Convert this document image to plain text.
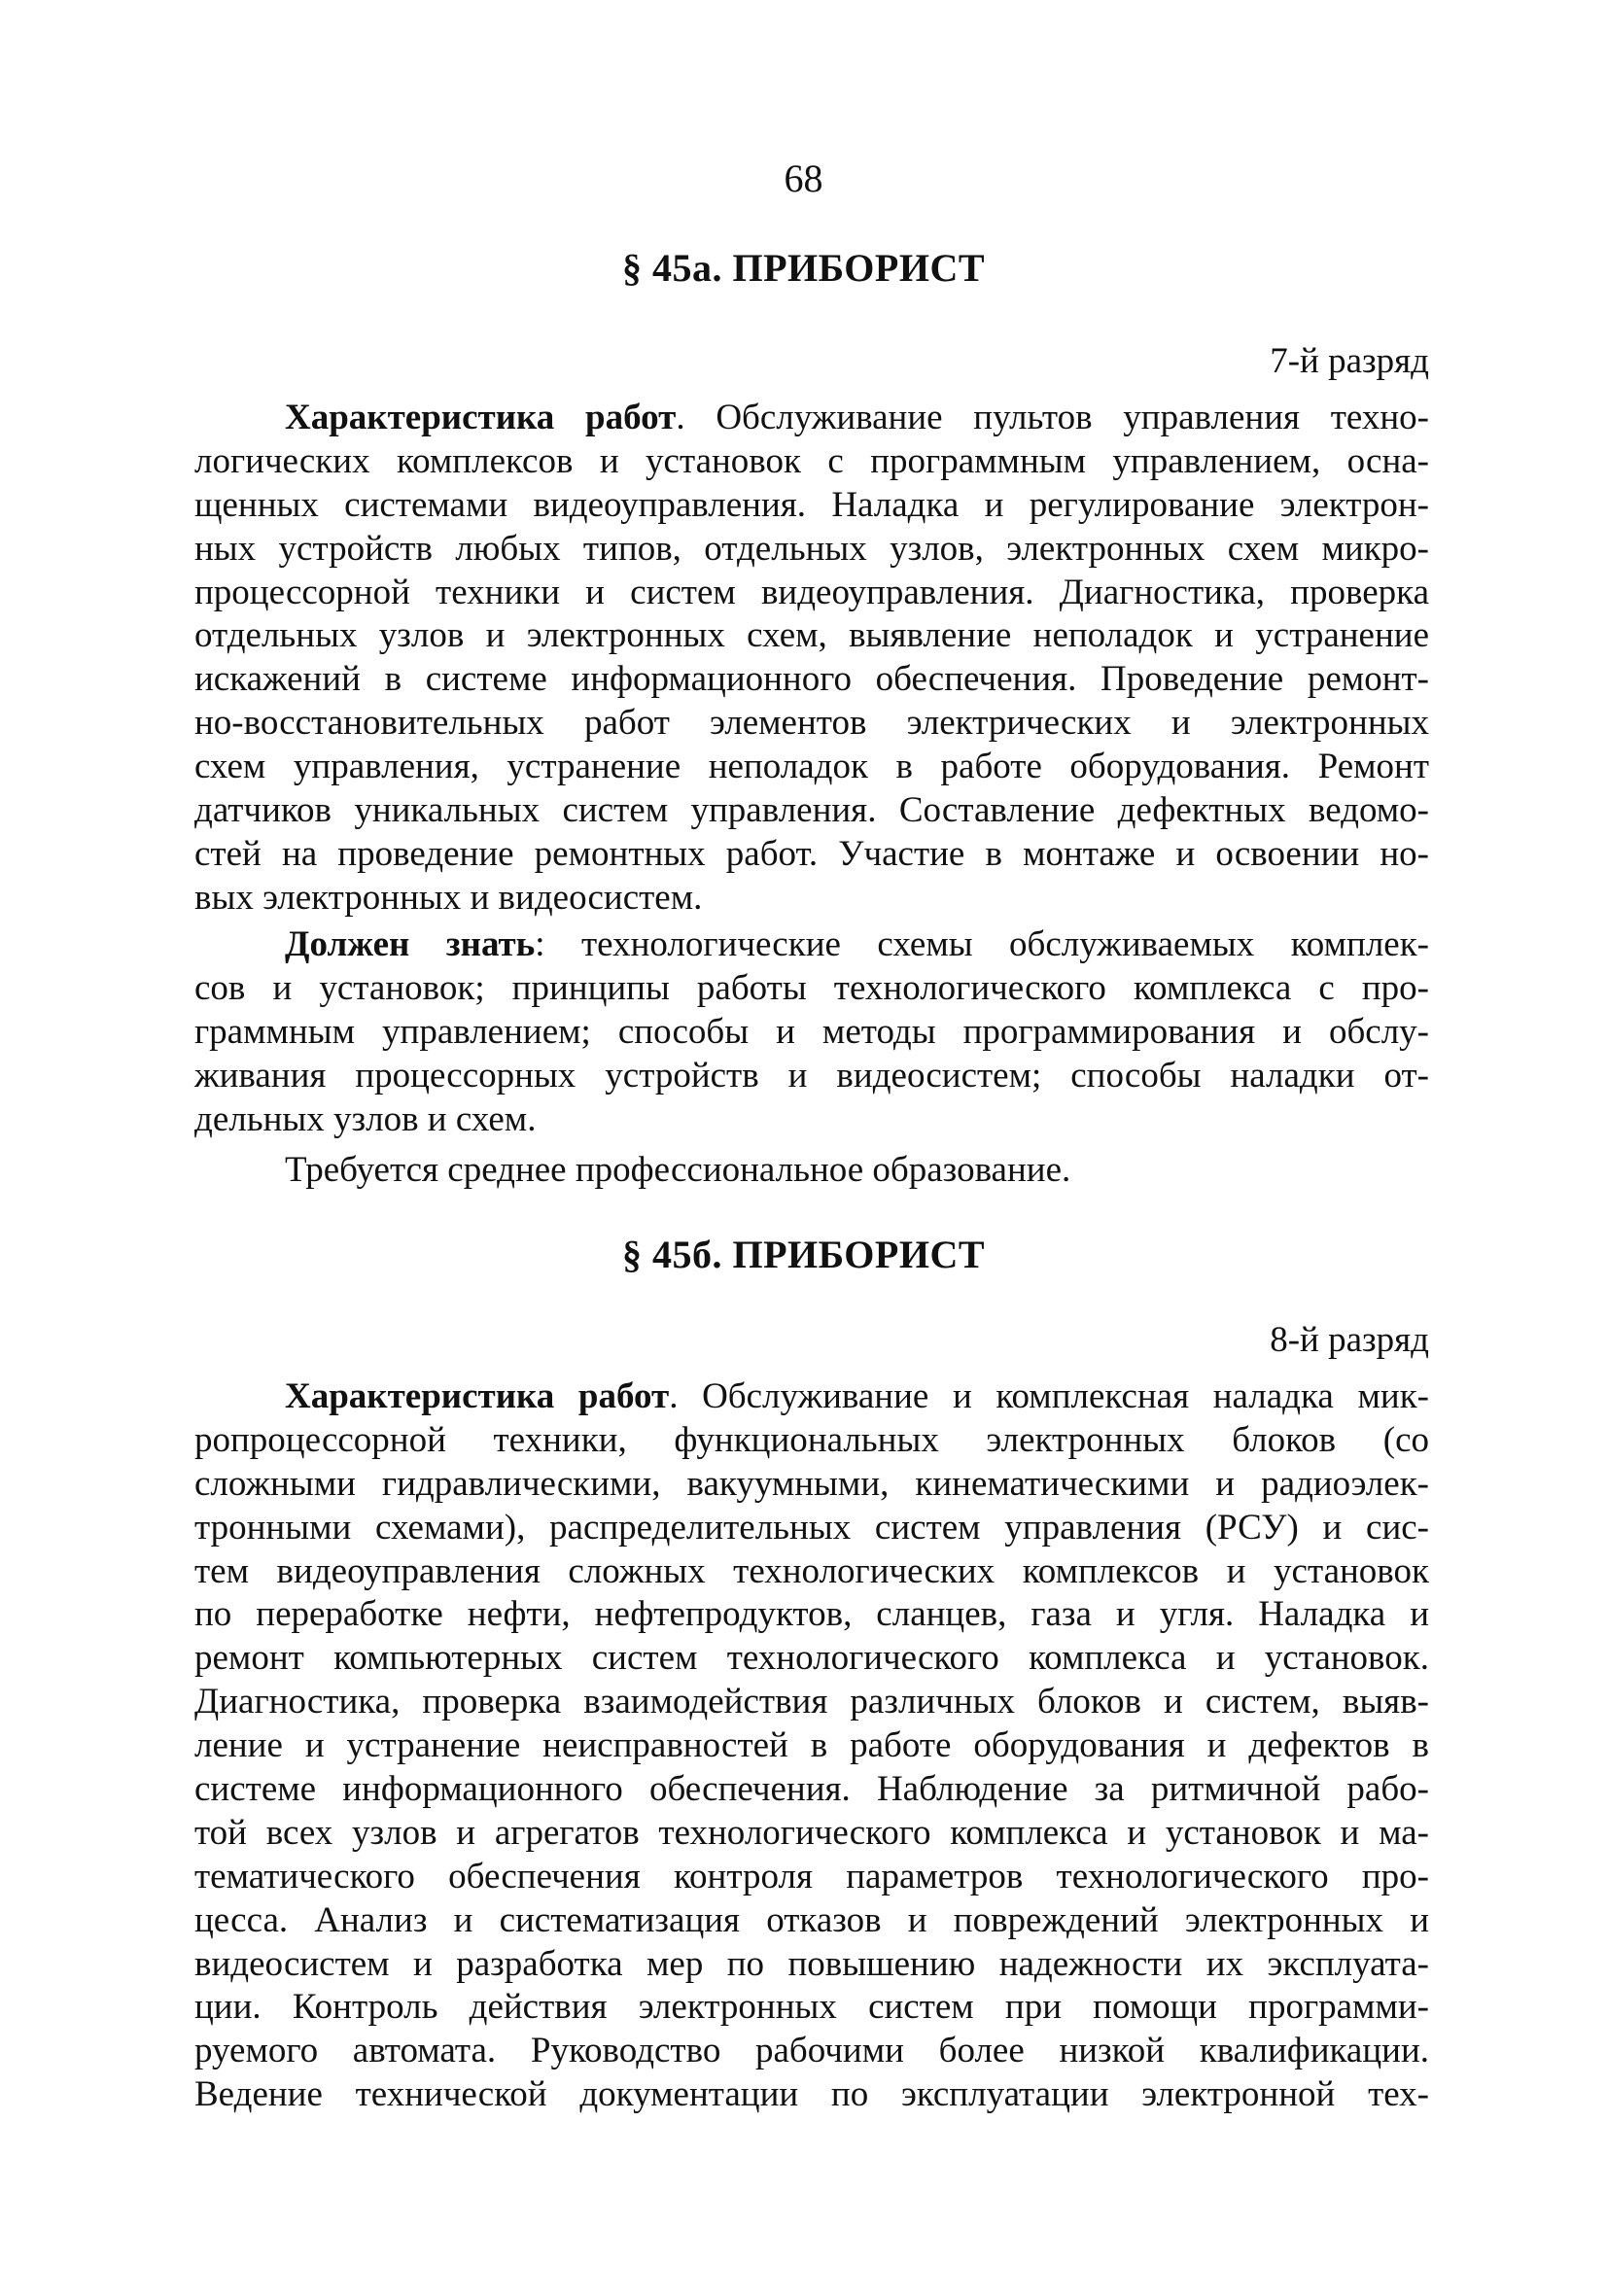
68
§ 45а. ПРИБОРИСТ
7-й разряд
Характеристика работ. Обслуживание пультов управления техно-
логических комплексов и установок с программным управлением, осна-
щенных системами видеоуправления. Наладка и регулирование электрон-
ных устройств любых типов, отдельных узлов, электронных схем микро-
процессорной техники и систем видеоуправления. Диагностика, проверка
отдельных узлов и электронных схем, выявление неполадок и устранение
искажений в системе информационного обеспечения. Проведение ремонт-
но-восстановительных работ элементов электрических и электронных
схем управления, устранение неполадок в работе оборудования. Ремонт
датчиков уникальных систем управления. Составление дефектных ведомо-
стей на проведение ремонтных работ. Участие в монтаже и освоении но-
вых электронных и видеосистем.
Должен знать: технологические схемы обслуживаемых комплек-
сов и установок; принципы работы технологического комплекса с про-
граммным управлением; способы и методы программирования и обслу-
живания процессорных устройств и видеосистем; способы наладки от-
дельных узлов и схем.
Требуется среднее профессиональное образование.
§ 45б. ПРИБОРИСТ
8-й разряд
Характеристика работ. Обслуживание и комплексная наладка мик-
ропроцессорной техники, функциональных электронных блоков (со
сложными гидравлическими, вакуумными, кинематическими и радиоэлек-
тронными схемами), распределительных систем управления (РСУ) и сис-
тем видеоуправления сложных технологических комплексов и установок
по переработке нефти, нефтепродуктов, сланцев, газа и угля. Наладка и
ремонт компьютерных систем технологического комплекса и установок.
Диагностика, проверка взаимодействия различных блоков и систем, выяв-
ление и устранение неисправностей в работе оборудования и дефектов в
системе информационного обеспечения. Наблюдение за ритмичной рабо-
той всех узлов и агрегатов технологического комплекса и установок и ма-
тематического обеспечения контроля параметров технологического про-
цесса. Анализ и систематизация отказов и повреждений электронных и
видеосистем и разработка мер по повышению надежности их эксплуата-
ции. Контроль действия электронных систем при помощи программи-
руемого автомата. Руководство рабочими более низкой квалификации.
Ведение технической документации по эксплуатации электронной тех-
